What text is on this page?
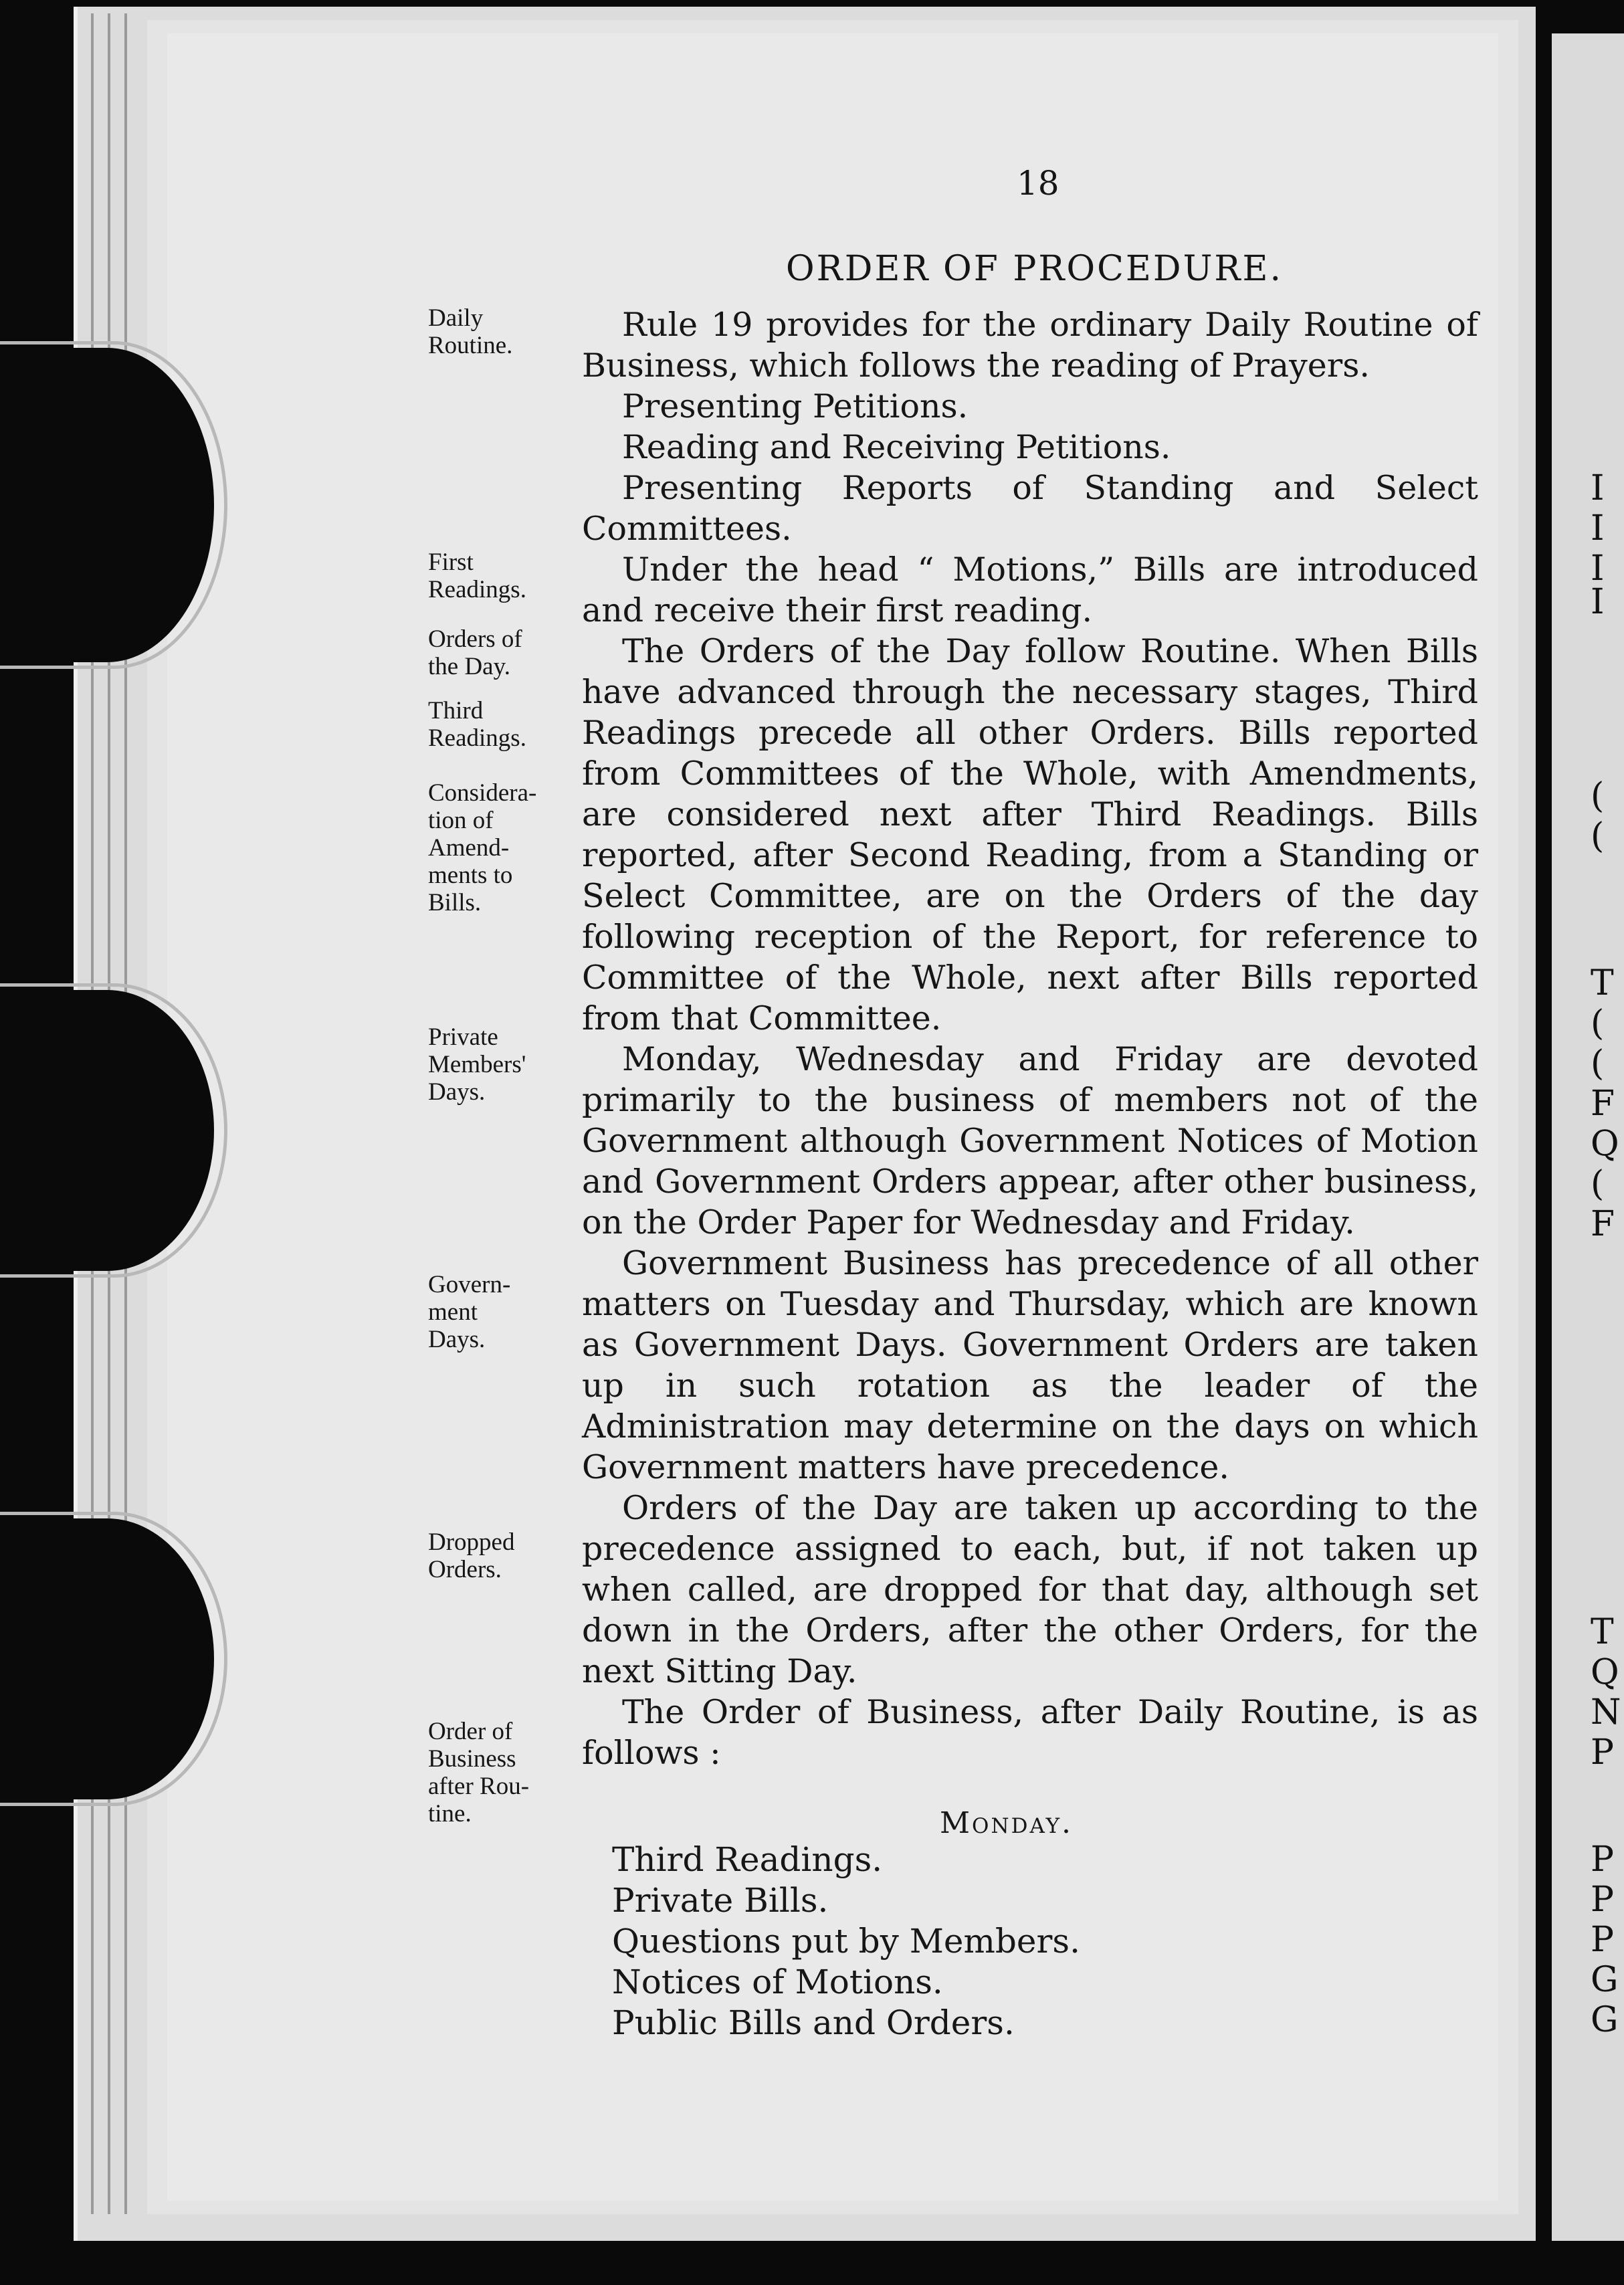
I
I
I
I
(
(
T
(
(
F
Q
(
F
T
Q
N
P
P
P
P
G
G
18
ORDER OF PROCEDURE.
Daily
Routine.
First
Readings.
Orders of
the Day.
Third
Readings.
Considera-
tion of
Amend-
ments to
Bills.
Private
Members'
Days.
Govern-
ment
Days.
Dropped
Orders.
Order of
Business
after Rou-
tine.

Rule 19 provides for the ordinary Daily Routine of Business, which follows the reading of Prayers.

Presenting Petitions.

Reading and Receiving Petitions.

Presenting Reports of Standing and Select Committees.

Under the head “ Motions,” Bills are introduced and receive their first reading.

The Orders of the Day follow Routine. When Bills have advanced through the necessary stages, Third Readings precede all other Orders. Bills reported from Committees of the Whole, with Amendments, are considered next after Third Readings. Bills reported, after Second Reading, from a Standing or Select Committee, are on the Orders of the day following reception of the Report, for reference to Committee of the Whole, next after Bills reported from that Committee.

Monday, Wednesday and Friday are devoted primarily to the business of members not of the Government although Government Notices of Motion and Government Orders appear, after other business, on the Order Paper for Wednesday and Friday.

Government Business has precedence of all other matters on Tuesday and Thursday, which are known as Government Days. Government Orders are taken up in such rotation as the leader of the Administration may determine on the days on which Government matters have precedence.

Orders of the Day are taken up according to the precedence assigned to each, but, if not taken up when called, are dropped for that day, although set down in the Orders, after the other Orders, for the next Sitting Day.

The Order of Business, after Daily Routine, is as follows :

Monday.
Third Readings.
Private Bills.
Questions put by Members.
Notices of Motions.
Public Bills and Orders.
